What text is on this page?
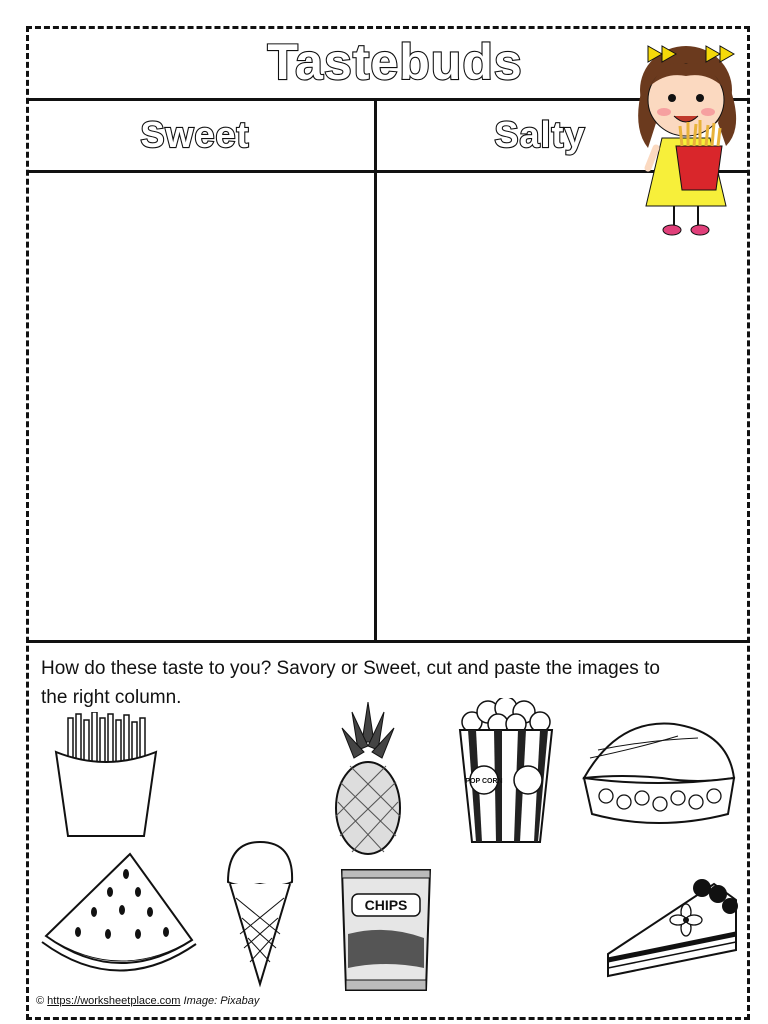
Tastebuds
Sweet	Salty

How do these taste to you? Savory or Sweet, cut and paste the images to the right column.

POP CORN
CHIPS
© https://worksheetplace.com Image: Pixabay
